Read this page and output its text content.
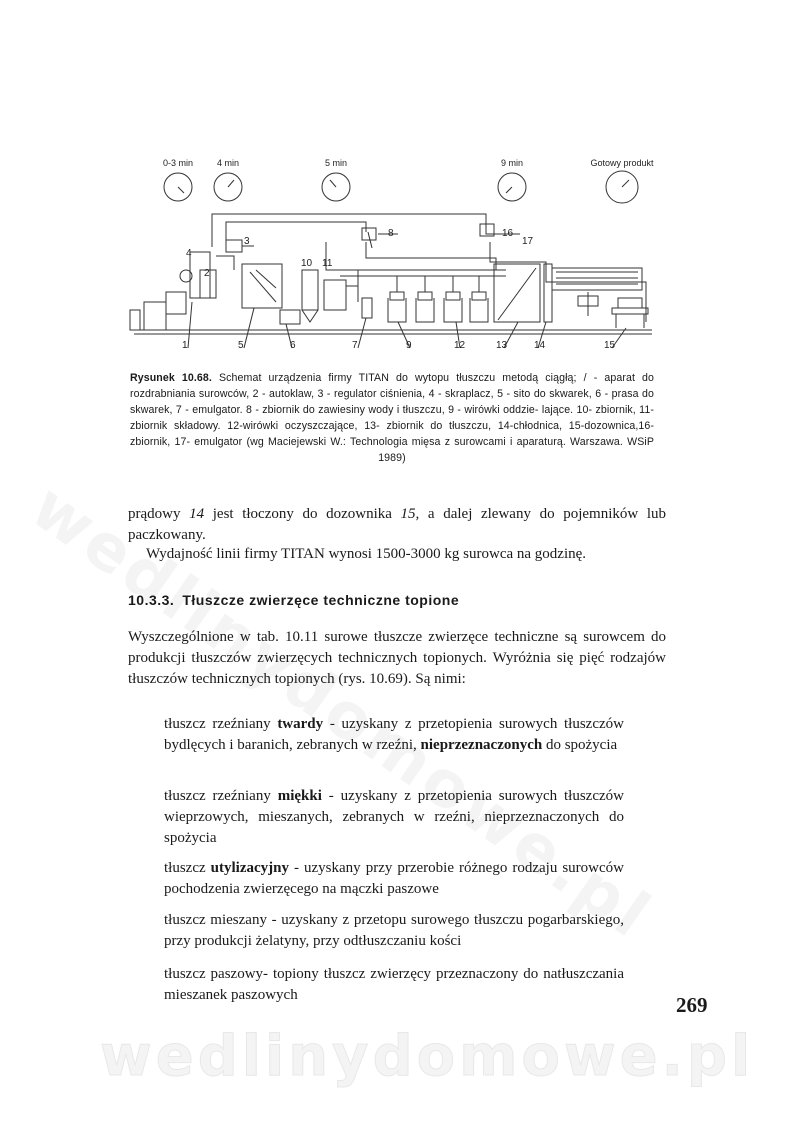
wedlinydomowe.pl
0-3 min	4 min	5 min	9 min	Gotowy produkt
2
3
4
8
10 11
16
17
1	5	6	7	9	12	13	14	15
Rysunek 10.68. Schemat urządzenia firmy TITAN do wytopu tłuszczu metodą ciągłą; / - aparat do rozdrabniania surowców, 2 - autoklaw, 3 - regulator ciśnienia, 4 - skraplacz, 5 - sito do skwarek, 6 - prasa do skwarek, 7 - emulgator. 8 - zbiornik do zawiesiny wody i tłuszczu, 9 - wirówki oddzie- lające. 10- zbiornik, 11- zbiornik składowy. 12-wirówki oczyszczające, 13- zbiornik do tłuszczu, 14-chłodnica, 15-dozownica,16-zbiornik, 17- emulgator (wg Maciejewski W.: Technologia mięsa z surowcami i aparaturą. Warszawa. WSiP 1989)
prądowy 14 jest tłoczony do dozownika 15, a dalej zlewany do pojemników lub paczkowany.
Wydajność linii firmy TITAN wynosi 1500-3000 kg surowca na godzinę.
10.3.3. Tłuszcze zwierzęce techniczne topione
Wyszczególnione w tab. 10.11 surowe tłuszcze zwierzęce techniczne są surowcem do produkcji tłuszczów zwierzęcych technicznych topionych. Wyróżnia się pięć rodzajów tłuszczów technicznych topionych (rys. 10.69). Są nimi:
tłuszcz rzeźniany twardy - uzyskany z przetopienia surowych tłuszczów bydlęcych i baranich, zebranych w rzeźni, nieprzeznaczonych do spożycia
tłuszcz rzeźniany miękki - uzyskany z przetopienia surowych tłuszczów wieprzowych, mieszanych, zebranych w rzeźni, nieprzeznaczonych do spożycia
tłuszcz utylizacyjny - uzyskany przy przerobie różnego rodzaju surowców pochodzenia zwierzęcego na mączki paszowe
tłuszcz mieszany - uzyskany z przetopu surowego tłuszczu pogarbarskiego, przy produkcji żelatyny, przy odtłuszczaniu kości
tłuszcz paszowy- topiony tłuszcz zwierzęcy przeznaczony do natłuszczania mieszanek paszowych	269
